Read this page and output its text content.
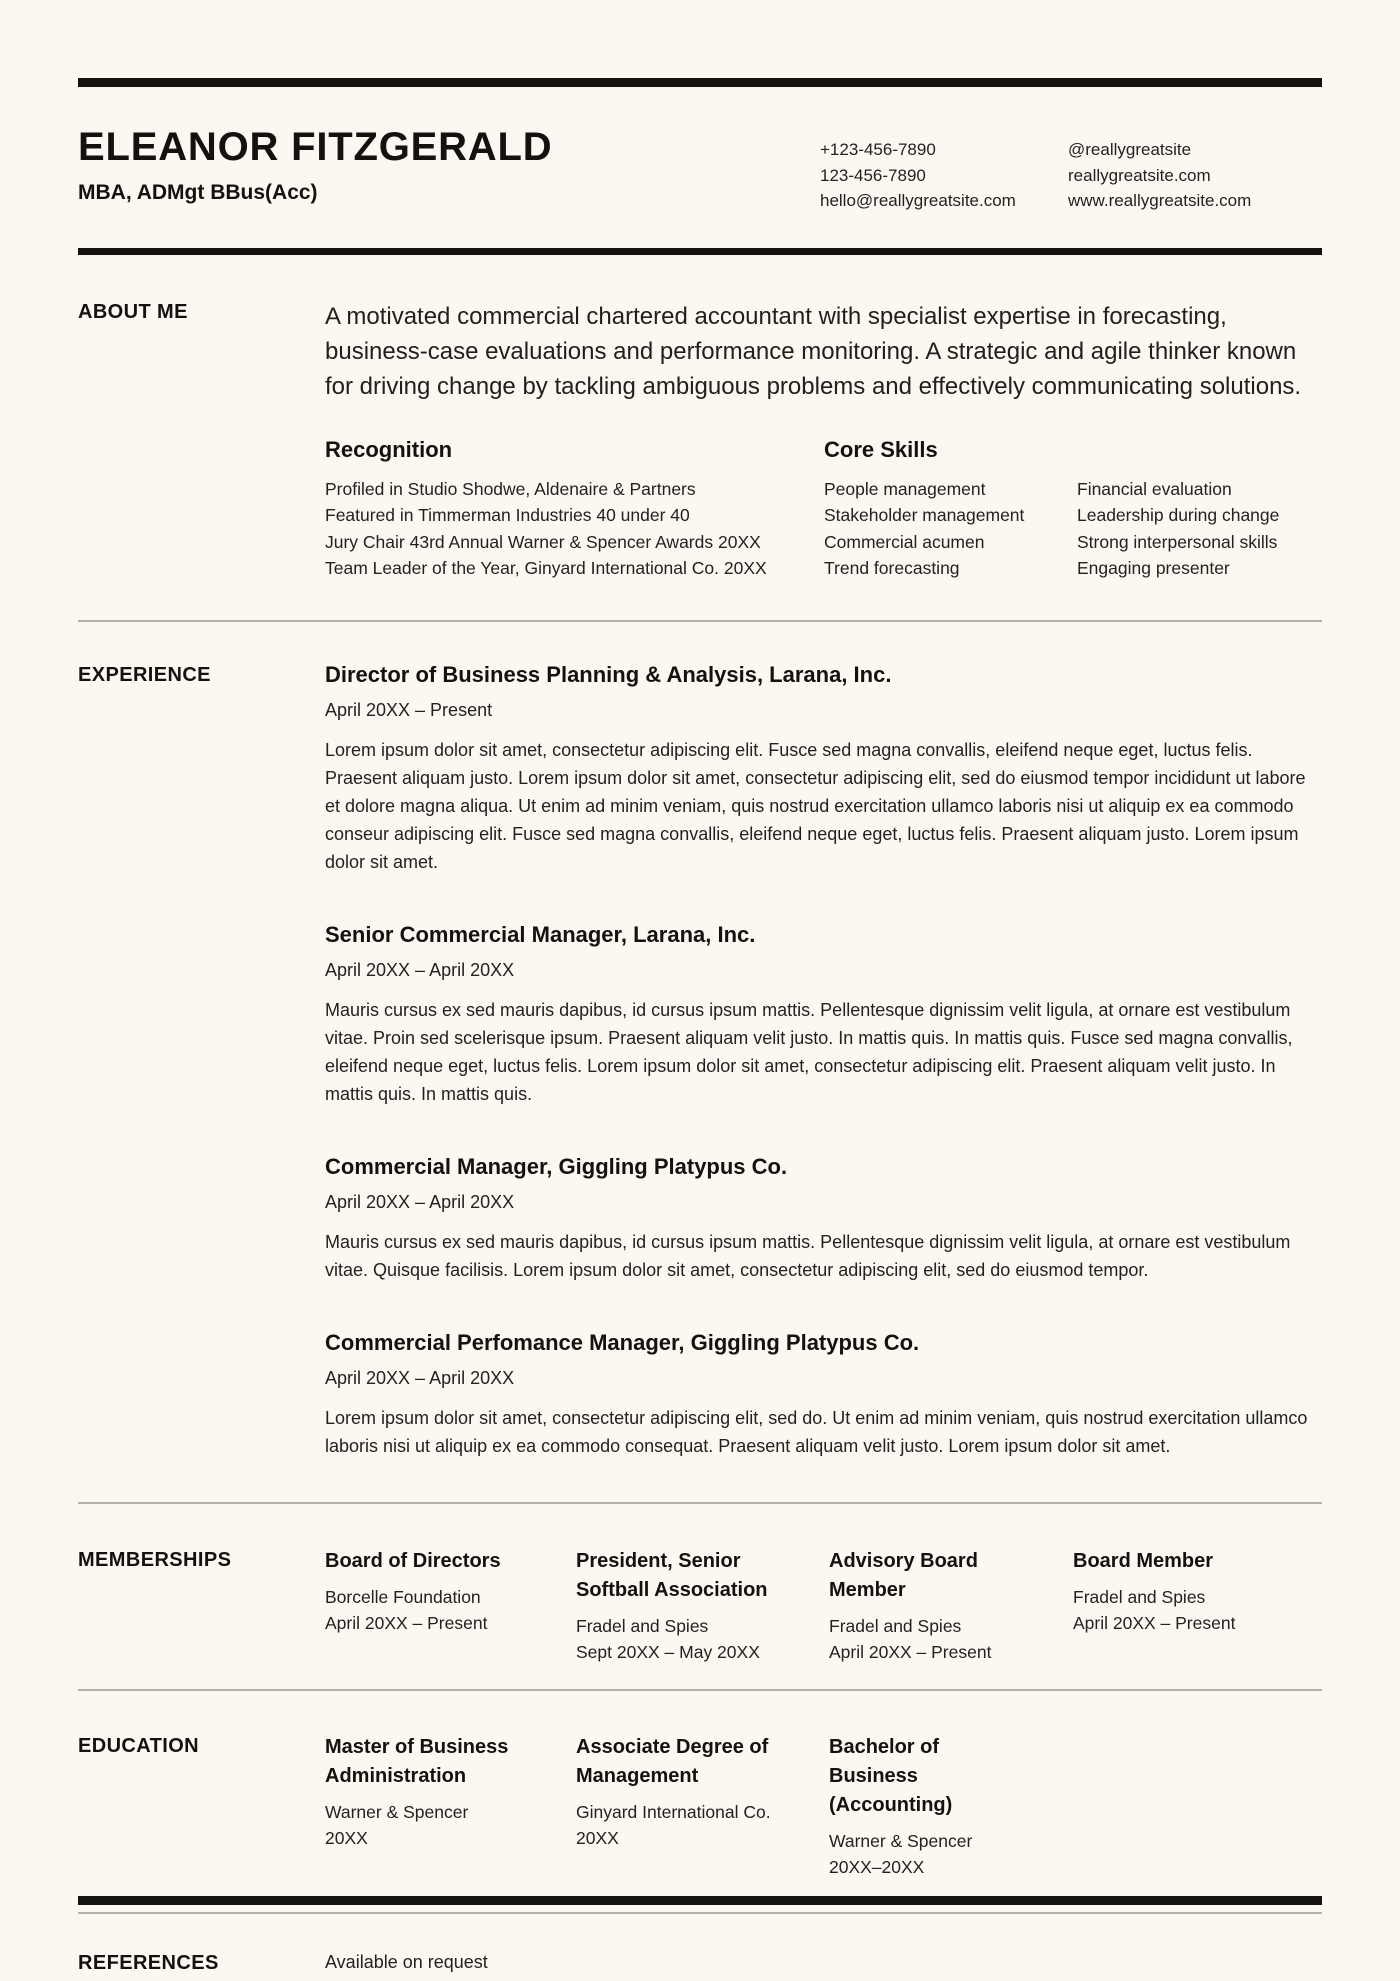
ELEANOR FITZGERALD
MBA, ADMgt BBus(Acc)
+123-456-7890
123-456-7890
hello@reallygreatsite.com
@reallygreatsite
reallygreatsite.com
www.reallygreatsite.com
ABOUT ME	A motivated commercial chartered accountant with specialist expertise in forecasting, business-case evaluations and performance monitoring. A strategic and agile thinker known for driving change by tackling ambiguous problems and effectively communicating solutions.
Recognition
Profiled in Studio Shodwe, Aldenaire & Partners
Featured in Timmerman Industries 40 under 40
Jury Chair 43rd Annual Warner & Spencer Awards 20XX
Team Leader of the Year, Ginyard International Co. 20XX
Core Skills
People management
Stakeholder management
Commercial acumen
Trend forecasting
Financial evaluation
Leadership during change
Strong interpersonal skills
Engaging presenter
EXPERIENCE	Director of Business Planning & Analysis, Larana, Inc.
April 20XX – Present
Lorem ipsum dolor sit amet, consectetur adipiscing elit. Fusce sed magna convallis, eleifend neque eget, luctus felis. Praesent aliquam justo. Lorem ipsum dolor sit amet, consectetur adipiscing elit, sed do eiusmod tempor incididunt ut labore et dolore magna aliqua. Ut enim ad minim veniam, quis nostrud exercitation ullamco laboris nisi ut aliquip ex ea commodo conseur adipiscing elit. Fusce sed magna convallis, eleifend neque eget, luctus felis. Praesent aliquam justo. Lorem ipsum dolor sit amet.
Senior Commercial Manager, Larana, Inc.
April 20XX – April 20XX
Mauris cursus ex sed mauris dapibus, id cursus ipsum mattis. Pellentesque dignissim velit ligula, at ornare est vestibulum vitae. Proin sed scelerisque ipsum. Praesent aliquam velit justo. In mattis quis. In mattis quis. Fusce sed magna convallis, eleifend neque eget, luctus felis. Lorem ipsum dolor sit amet, consectetur adipiscing elit. Praesent aliquam velit justo. In mattis quis. In mattis quis.
Commercial Manager, Giggling Platypus Co.
April 20XX – April 20XX
Mauris cursus ex sed mauris dapibus, id cursus ipsum mattis. Pellentesque dignissim velit ligula, at ornare est vestibulum vitae. Quisque facilisis. Lorem ipsum dolor sit amet, consectetur adipiscing elit, sed do eiusmod tempor.
Commercial Perfomance Manager, Giggling Platypus Co.
April 20XX – April 20XX
Lorem ipsum dolor sit amet, consectetur adipiscing elit, sed do. Ut enim ad minim veniam, quis nostrud exercitation ullamco laboris nisi ut aliquip ex ea commodo consequat. Praesent aliquam velit justo. Lorem ipsum dolor sit amet.
MEMBERSHIPS	Board of Directors
Borcelle Foundation
April 20XX – Present
President, Senior Softball Association
Fradel and Spies
Sept 20XX – May 20XX
Advisory Board Member
Fradel and Spies
April 20XX – Present
Board Member
Fradel and Spies
April 20XX – Present
EDUCATION	Master of Business Administration
Warner & Spencer
20XX
Associate Degree of Management
Ginyard International Co.
20XX
Bachelor of Business (Accounting)
Warner & Spencer
20XX–20XX
REFERENCES	Available on request
